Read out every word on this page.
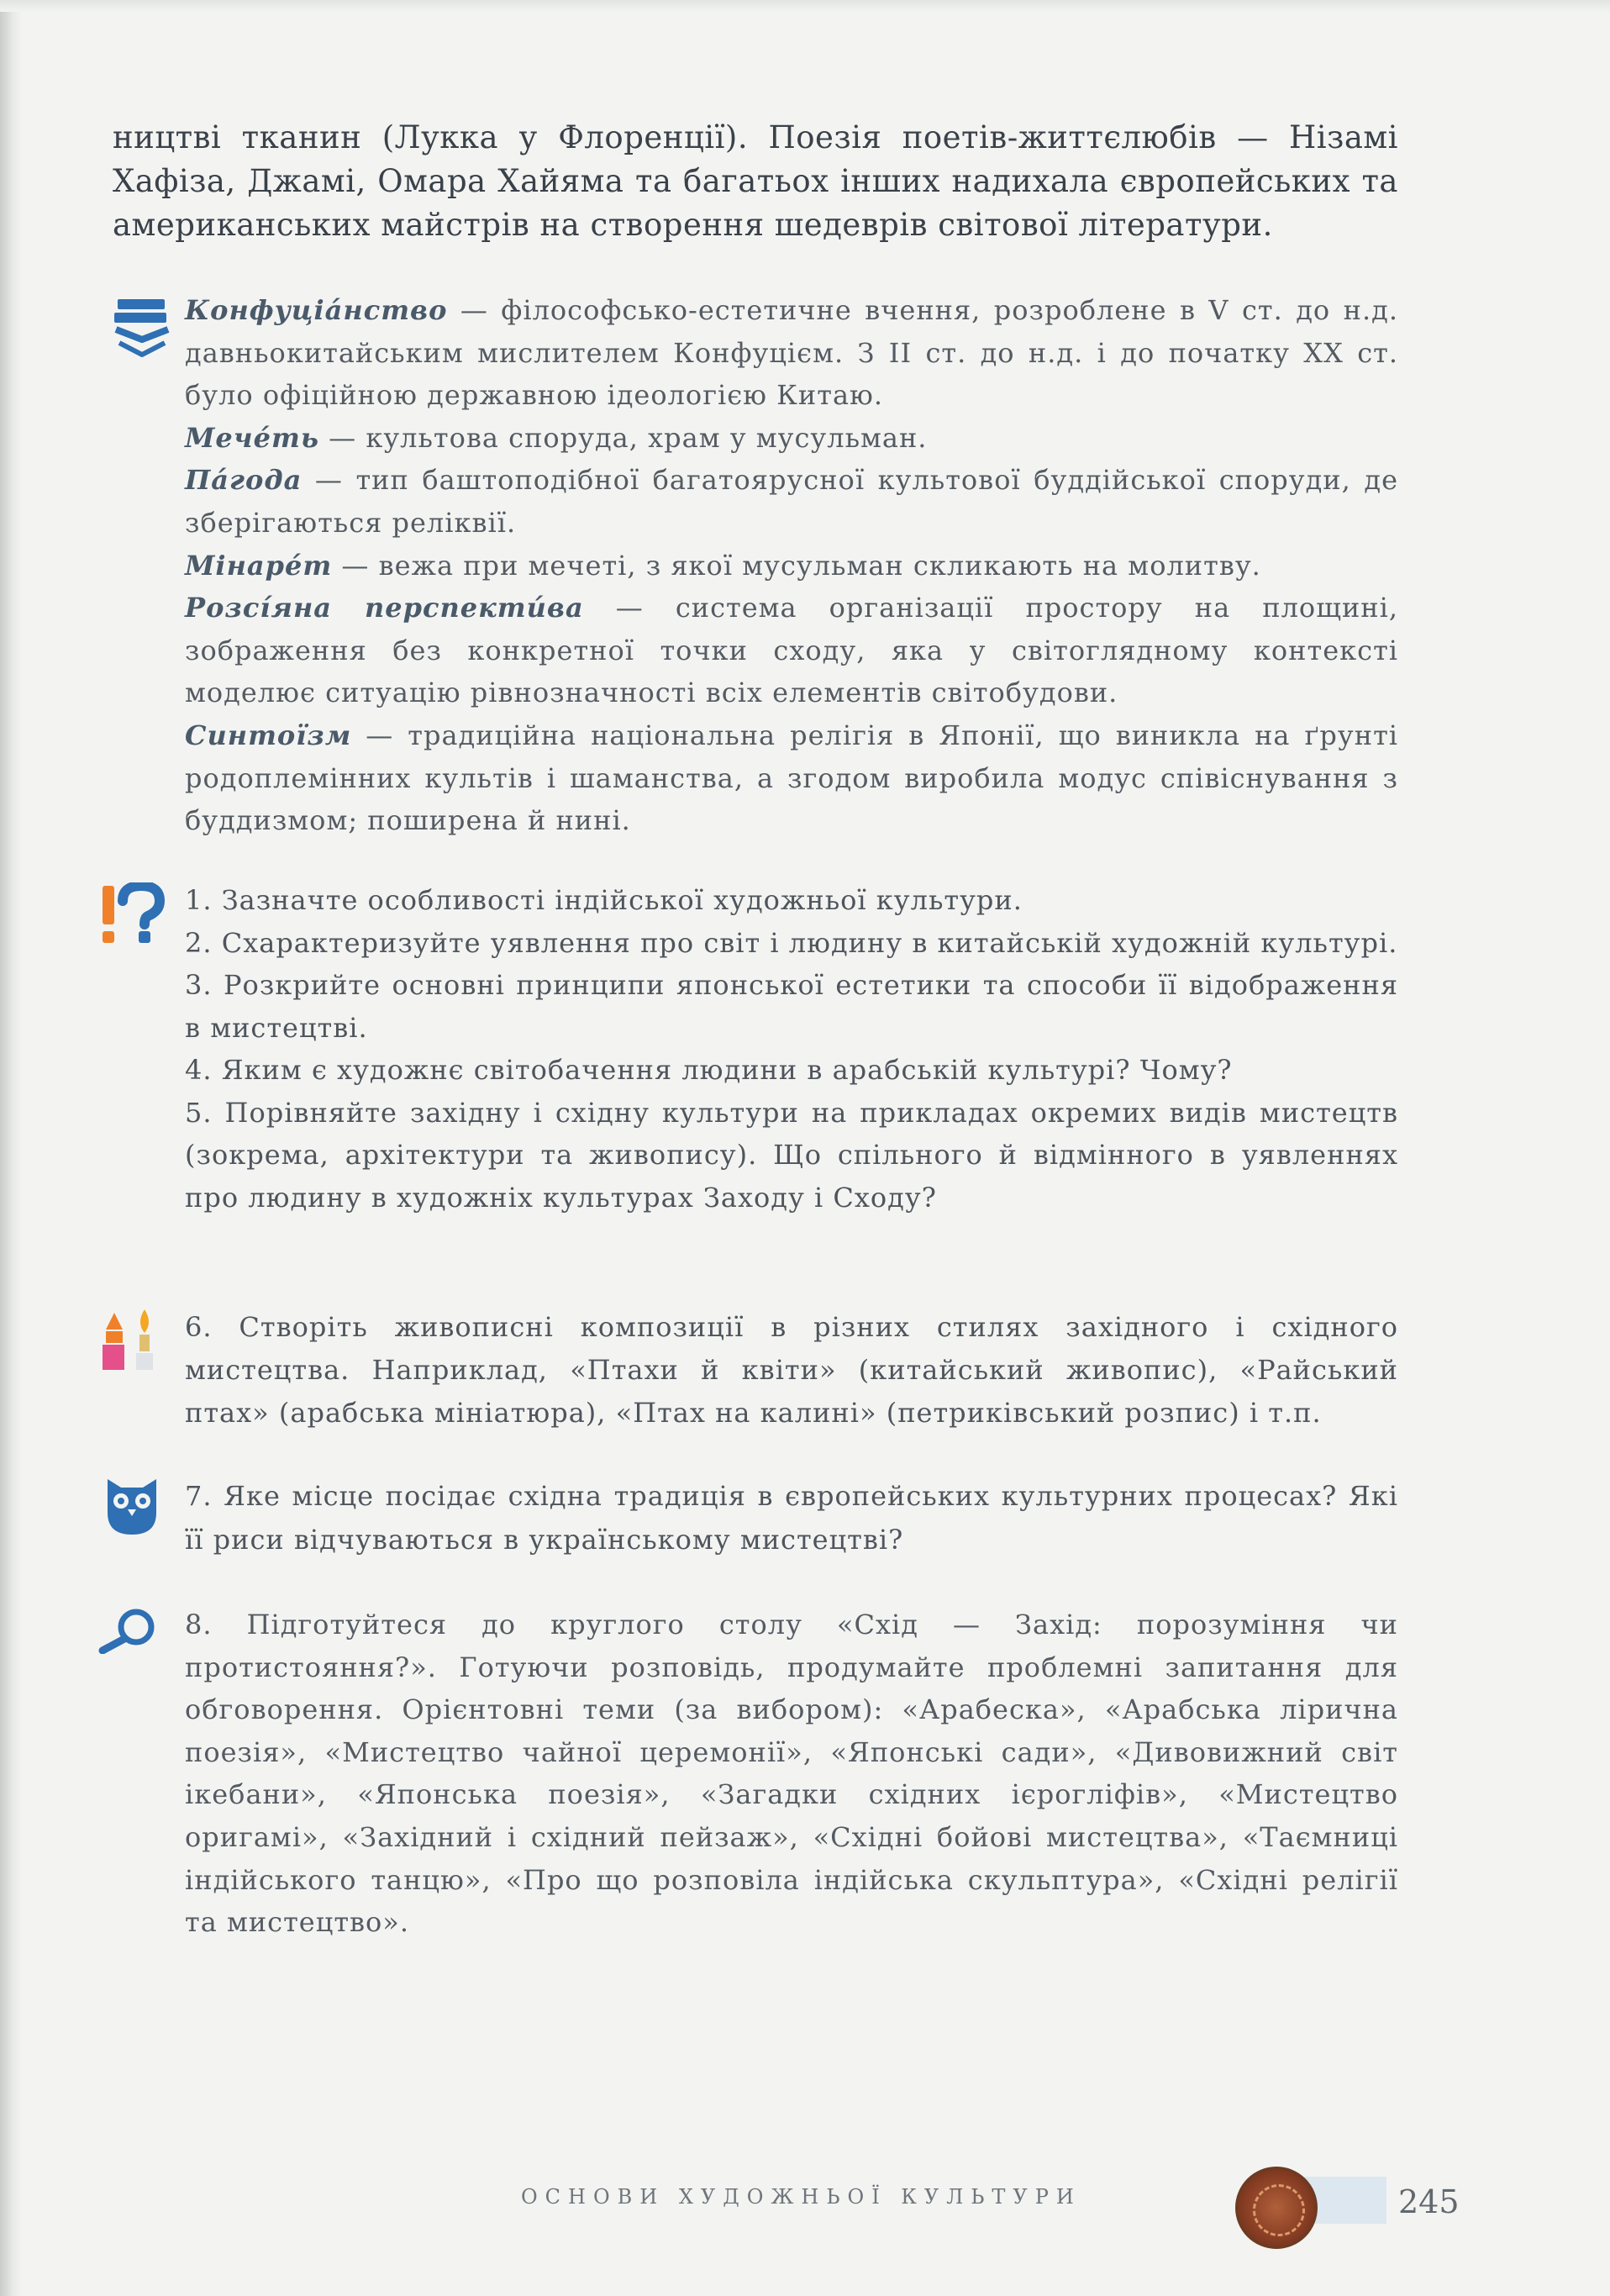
ництві тканин (Лукка у Флоренції). Поезія поетів-життєлюбів — Нізамі Хафіза, Джамі, Омара Хайяма та багатьох інших надихала європейських та американських майстрів на створення шедеврів світової літератури.

Конфуціáнство — філософсько-естетичне вчення, розроблене в V ст. до н.д. давньокитайським мислителем Конфуцієм. З II ст. до н.д. і до початку XX ст. було офіційною державною ідеологією Китаю.

Мечéть — культова споруда, храм у мусульман.

Пáгода — тип баштоподібної багатоярусної культової буддійської споруди, де зберігаються реліквії.

Мінарéт — вежа при мечеті, з якої мусульман скликають на молитву.

Розсíяна перспектúва — система організації простору на площині, зображення без конкретної точки сходу, яка у світоглядному контексті моделює ситуацію рівнозначності всіх елементів світобудови.

Синтоїзм — традиційна національна релігія в Японії, що виникла на ґрунті родоплемінних культів і шаманства, а згодом виробила модус співіснування з буддизмом; поширена й нині.

1. Зазначте особливості індійської художньої культури.

2. Схарактеризуйте уявлення про світ і людину в китайській художній культурі.

3. Розкрийте основні принципи японської естетики та способи її відображення в мистецтві.

4. Яким є художнє світобачення людини в арабській культурі? Чому?

5. Порівняйте західну і східну культури на прикладах окремих видів мистецтв (зокрема, архітектури та живопису). Що спільного й відмінного в уявленнях про людину в художніх культурах Заходу і Сходу?

6. Створіть живописні композиції в різних стилях західного і східного мистецтва. Наприклад, «Птахи й квіти» (китайський живопис), «Райський птах» (арабська мініатюра), «Птах на калині» (петриківський розпис) і т.п.
7. Яке місце посідає східна традиція в європейських культурних процесах? Які її риси відчуваються в українському мистецтві?
8. Підготуйтеся до круглого столу «Схід — Захід: порозуміння чи протистояння?». Готуючи розповідь, продумайте проблемні запитання для обговорення. Орієнтовні теми (за вибором): «Арабеска», «Арабська лірична поезія», «Мистецтво чайної церемонії», «Японські сади», «Дивовижний світ ікебани», «Японська поезія», «Загадки східних ієрогліфів», «Мистецтво оригамі», «Західний і східний пейзаж», «Східні бойові мистецтва», «Таємниці індійського танцю», «Про що розповіла індійська скульптура», «Східні релігії та мистецтво».
ОСНОВИ ХУДОЖНЬОЇ КУЛЬТУРИ	245
